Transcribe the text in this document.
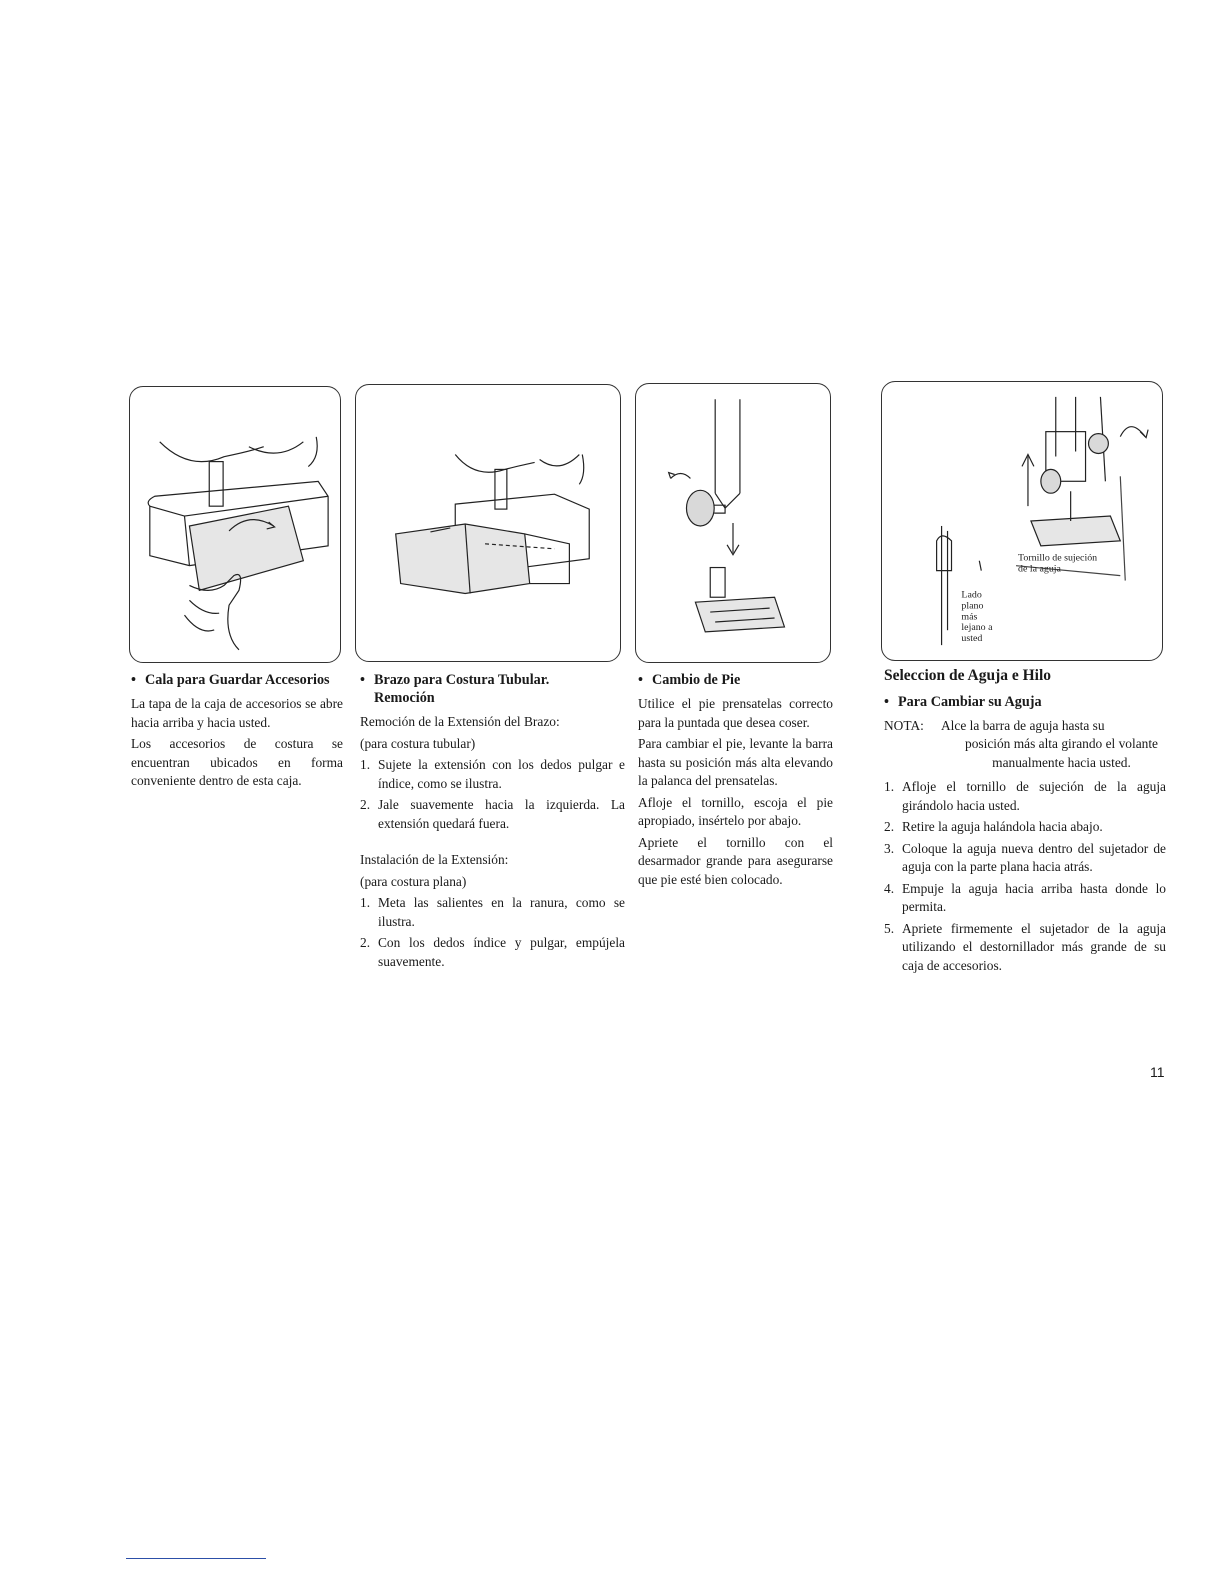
Tornillo de sujeción
de la aguja
Lado
plano
más
lejano a
usted
• Cala para Guardar Accesorios

La tapa de la caja de accesorios se abre hacia arriba y hacia usted.

Los accesorios de costura se encuentran ubicados en forma conveniente dentro de esta caja.

• Brazo para Costura Tubular.
Remoción

Remoción de la Extensión del Brazo:

(para costura tubular)

1. Sujete la extensión con los dedos pulgar e índice, como se ilustra.
2. Jale suavemente hacia la izquierda. La extensión quedará fuera.

Instalación de la Extensión:

(para costura plana)

1. Meta las salientes en la ranura, como se ilustra.
2. Con los dedos índice y pulgar, empújela suavemente.
• Cambio de Pie

Utilice el pie prensatelas correcto para la puntada que desea coser.

Para cambiar el pie, levante la barra hasta su posición más alta elevando la palanca del prensatelas.

Afloje el tornillo, escoja el pie apropiado, insértelo por abajo.

Apriete el tornillo con el desarmador grande para asegurarse que pie esté bien colocado.

Seleccion de Aguja e Hilo
• Para Cambiar su Aguja
NOTA:	Alce la barra de aguja hasta su
posición más alta girando el volante manualmente hacia usted.
1. Afloje el tornillo de sujeción de la aguja girándolo hacia usted.
2. Retire la aguja halándola hacia abajo.
3. Coloque la aguja nueva dentro del sujetador de aguja con la parte plana hacia atrás.
4. Empuje la aguja hacia arriba hasta donde lo permita.
5. Apriete firmemente el sujetador de la aguja utilizando el destornillador más grande de su caja de accesorios.
11
